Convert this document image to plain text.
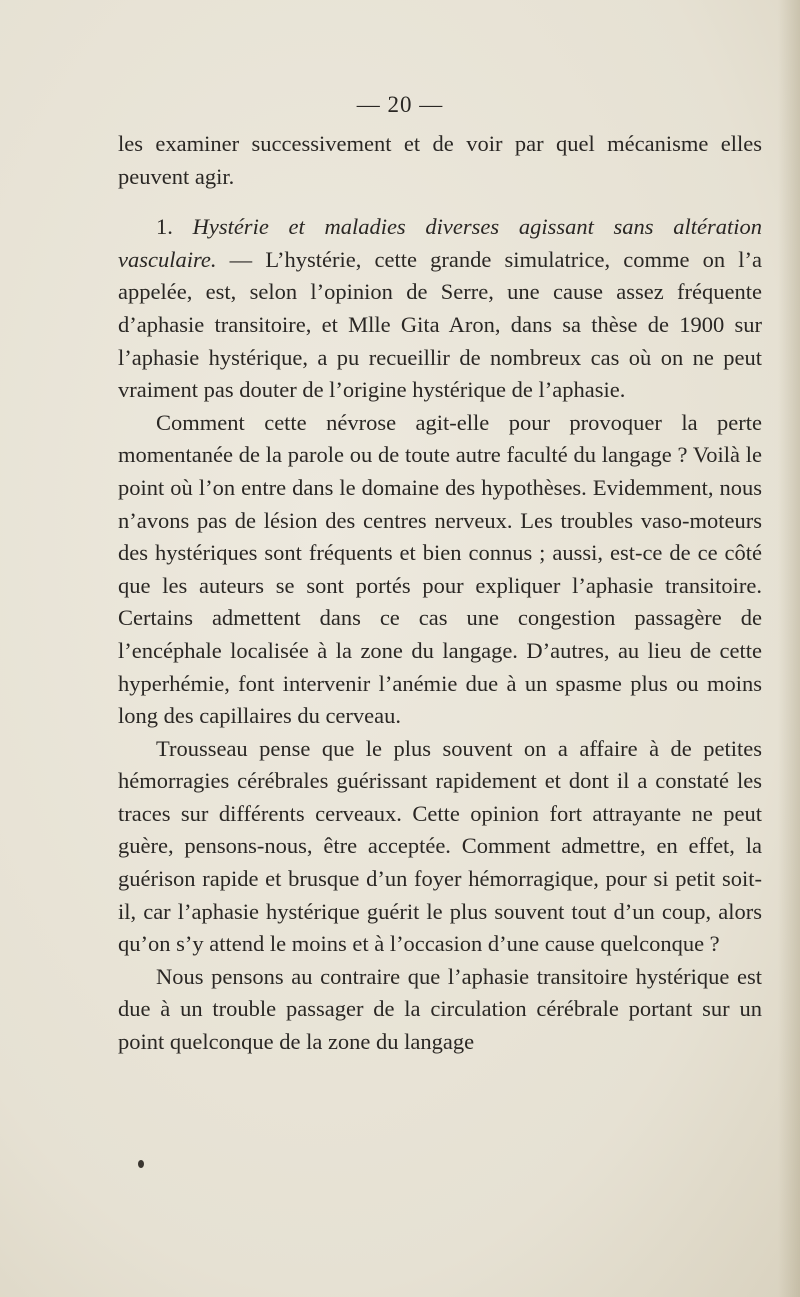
— 20 —

les examiner successivement et de voir par quel mécanisme elles peuvent agir.

1. Hystérie et maladies diverses agissant sans altération vasculaire. — L’hystérie, cette grande simulatrice, comme on l’a appelée, est, selon l’opinion de Serre, une cause assez fréquente d’aphasie transitoire, et Mlle Gita Aron, dans sa thèse de 1900 sur l’aphasie hystérique, a pu recueillir de nombreux cas où on ne peut vraiment pas douter de l’origine hystérique de l’aphasie.

Comment cette névrose agit-elle pour provoquer la perte momentanée de la parole ou de toute autre faculté du langage ? Voilà le point où l’on entre dans le domaine des hypothèses. Evidemment, nous n’avons pas de lésion des centres nerveux. Les troubles vaso-moteurs des hystériques sont fréquents et bien connus ; aussi, est-ce de ce côté que les auteurs se sont portés pour expliquer l’aphasie transitoire. Certains admettent dans ce cas une congestion passagère de l’encéphale localisée à la zone du langage. D’autres, au lieu de cette hyperhémie, font intervenir l’anémie due à un spasme plus ou moins long des capillaires du cerveau.

Trousseau pense que le plus souvent on a affaire à de petites hémorragies cérébrales guérissant rapidement et dont il a constaté les traces sur différents cerveaux. Cette opinion fort attrayante ne peut guère, pensons-nous, être acceptée. Comment admettre, en effet, la guérison rapide et brusque d’un foyer hémorragique, pour si petit soit-il, car l’aphasie hystérique guérit le plus souvent tout d’un coup, alors qu’on s’y attend le moins et à l’occasion d’une cause quelconque ?

Nous pensons au contraire que l’aphasie transitoire hystérique est due à un trouble passager de la circulation cérébrale portant sur un point quelconque de la zone du langage
